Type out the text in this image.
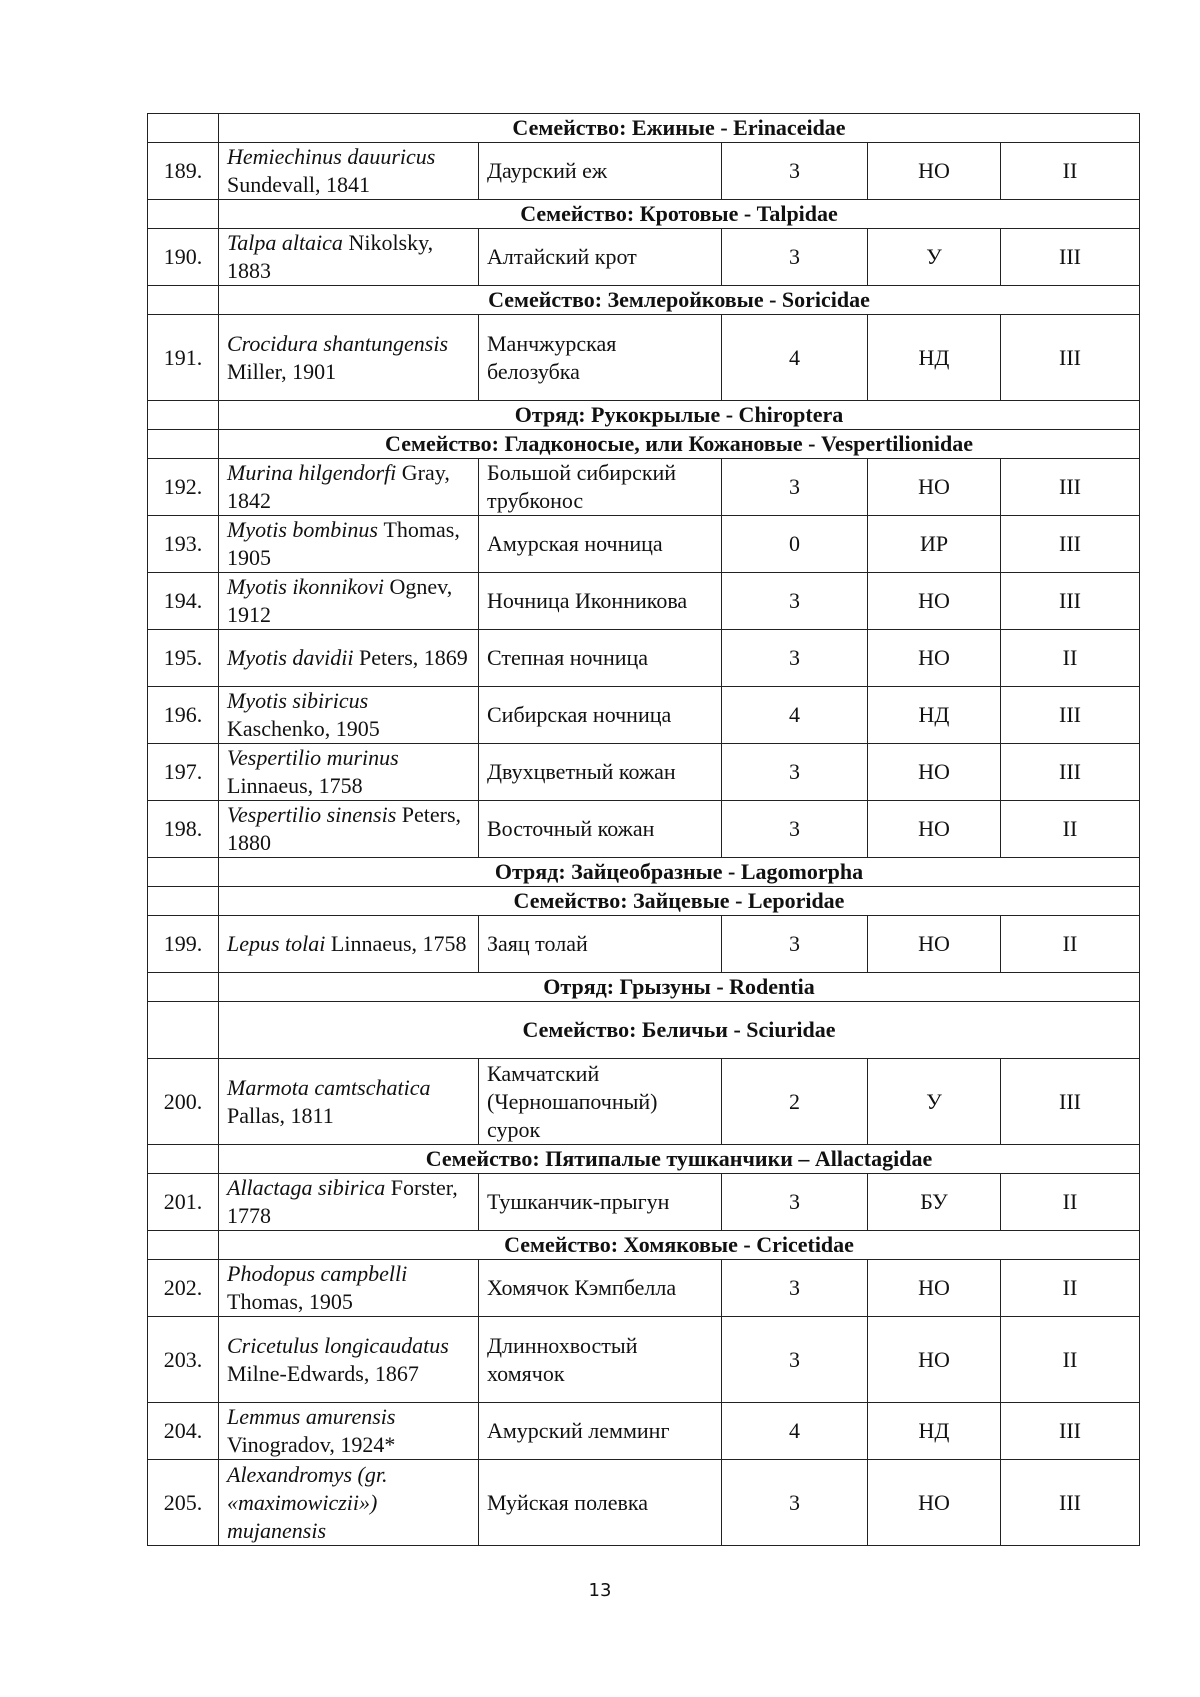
	Семейство: Ежиные - Erinaceidae				
189.	Hemiechinus dauuricus Sundevall, 1841	Даурский еж	3	НО	II
	Семейство: Кротовые - Talpidae				
190.	Talpa altaica Nikolsky, 1883	Алтайский крот	3	У	III
	Семейство: Землеройковые - Soricidae				
191.	Crocidura shantungensis Miller, 1901	Манчжурская белозубка	4	НД	III
	Отряд: Рукокрылые - Chiroptera				
	Семейство: Гладконосые, или Кожановые - Vespertilionidae				
192.	Murina hilgendorfi Gray, 1842	Большой сибирский трубконос	3	НО	III
193.	Myotis bombinus Thomas, 1905	Амурская ночница	0	ИР	III
194.	Myotis ikonnikovi Ognev, 1912	Ночница Иконникова	3	НО	III
195.	Myotis davidii Peters, 1869	Степная ночница	3	НО	II
196.	Myotis sibiricus Kaschenko, 1905	Сибирская ночница	4	НД	III
197.	Vespertilio murinus Linnaeus, 1758	Двухцветный кожан	3	НО	III
198.	Vespertilio sinensis Peters, 1880	Восточный кожан	3	НО	II
	Отряд: Зайцеобразные - Lagomorpha				
	Семейство: Зайцевые - Leporidae				
199.	Lepus tolai Linnaeus, 1758	Заяц толай	3	НО	II
	Отряд: Грызуны - Rodentia				
	Семейство: Беличьи - Sciuridae				
200.	Marmota camtschatica Pallas, 1811	Камчатский (Черношапочный) сурок	2	У	III
	Семейство: Пятипалые тушканчики – Allactagidae				
201.	Allactaga sibirica Forster, 1778	Тушканчик-прыгун	3	БУ	II
	Семейство: Хомяковые - Cricetidae				
202.	Phodopus campbelli Thomas, 1905	Хомячок Кэмпбелла	3	НО	II
203.	Cricetulus longicaudatus Milne-Edwards, 1867	Длиннохвостый хомячок	3	НО	II
204.	Lemmus amurensis Vinogradov, 1924*	Амурский лемминг	4	НД	III
205.	Alexandromys (gr. «maximowiczii») mujanensis	Муйская полевка	3	НО	III
13
